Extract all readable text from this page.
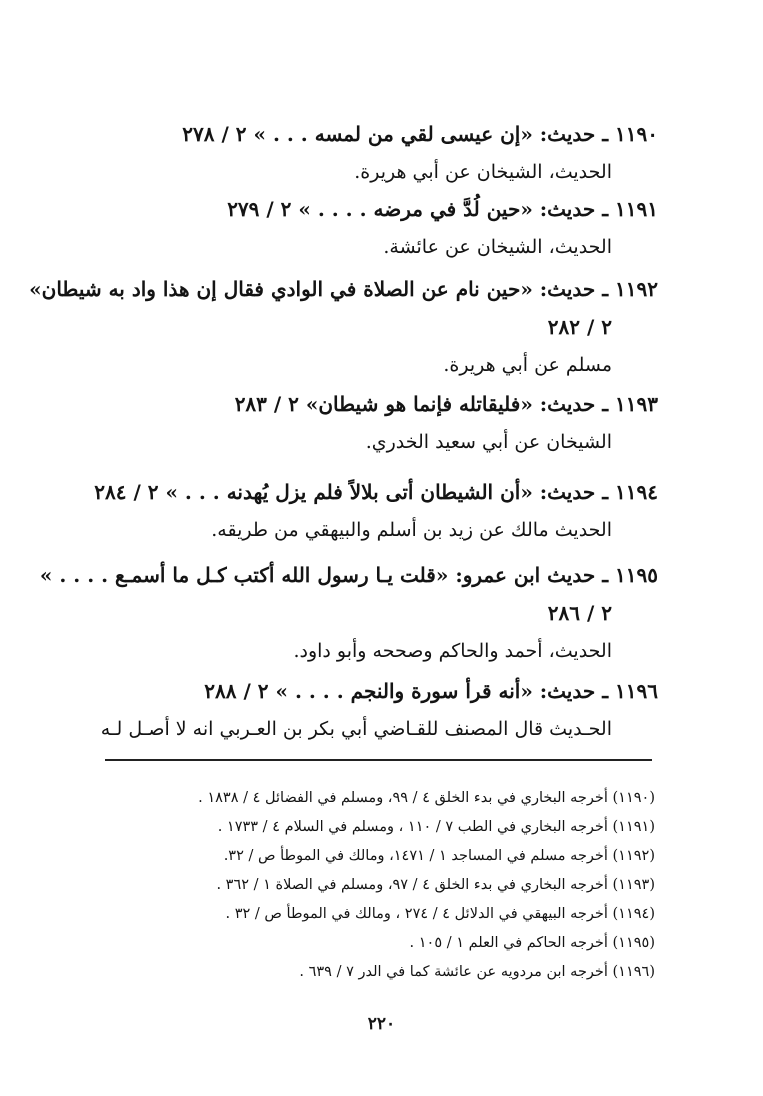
١١٩٠ ـ حديث: «إن عيسى لقي من لمسه . . . » ٢ / ٢٧٨
الحديث، الشيخان عن أبي هريرة.
١١٩١ ـ حديث: «حين لُدَّ في مرضه . . . . » ٢ / ٢٧٩
الحديث، الشيخان عن عائشة.
١١٩٢ ـ حديث: «حين نام عن الصلاة في الوادي فقال إن هذا واد به شيطان»
٢ / ٢٨٢
مسلم عن أبي هريرة.
١١٩٣ ـ حديث: «فليقاتله فإنما هو شيطان» ٢ / ٢٨٣
الشيخان عن أبي سعيد الخدري.
١١٩٤ ـ حديث: «أن الشيطان أتى بلالاً فلم يزل يُهدنه . . . » ٢ / ٢٨٤
الحديث مالك عن زيد بن أسلم والبيهقي من طريقه.
١١٩٥ ـ حديث ابن عمرو: «قلت يـا رسول الله أكتب كـل ما أسمـع . . . . »
٢ / ٢٨٦
الحديث، أحمد والحاكم وصححه وأبو داود.
١١٩٦ ـ حديث: «أنه قرأ سورة والنجم . . . . » ٢ / ٢٨٨
الحـديث قال المصنف للقـاضي أبي بكر بن العـربي انه لا أصـل لـه
(١١٩٠) أخرجه البخاري في بدء الخلق ٤ / ٩٩، ومسلم في الفضائل ٤ / ١٨٣٨ .
(١١٩١) أخرجه البخاري في الطب ٧ / ١١٠ ، ومسلم في السلام ٤ / ١٧٣٣ .
(١١٩٢) أخرجه مسلم في المساجد ١ / ١٤٧١، ومالك في الموطأ ص / ٣٢.
(١١٩٣) أخرجه البخاري في بدء الخلق ٤ / ٩٧، ومسلم في الصلاة ١ / ٣٦٢ .
(١١٩٤) أخرجه البيهقي في الدلائل ٤ / ٢٧٤ ، ومالك في الموطأ ص / ٣٢ .
(١١٩٥) أخرجه الحاكم في العلم ١ / ١٠٥ .
(١١٩٦) أخرجه ابن مردويه عن عائشة كما في الدر ٧ / ٦٣٩ .
٢٢٠
